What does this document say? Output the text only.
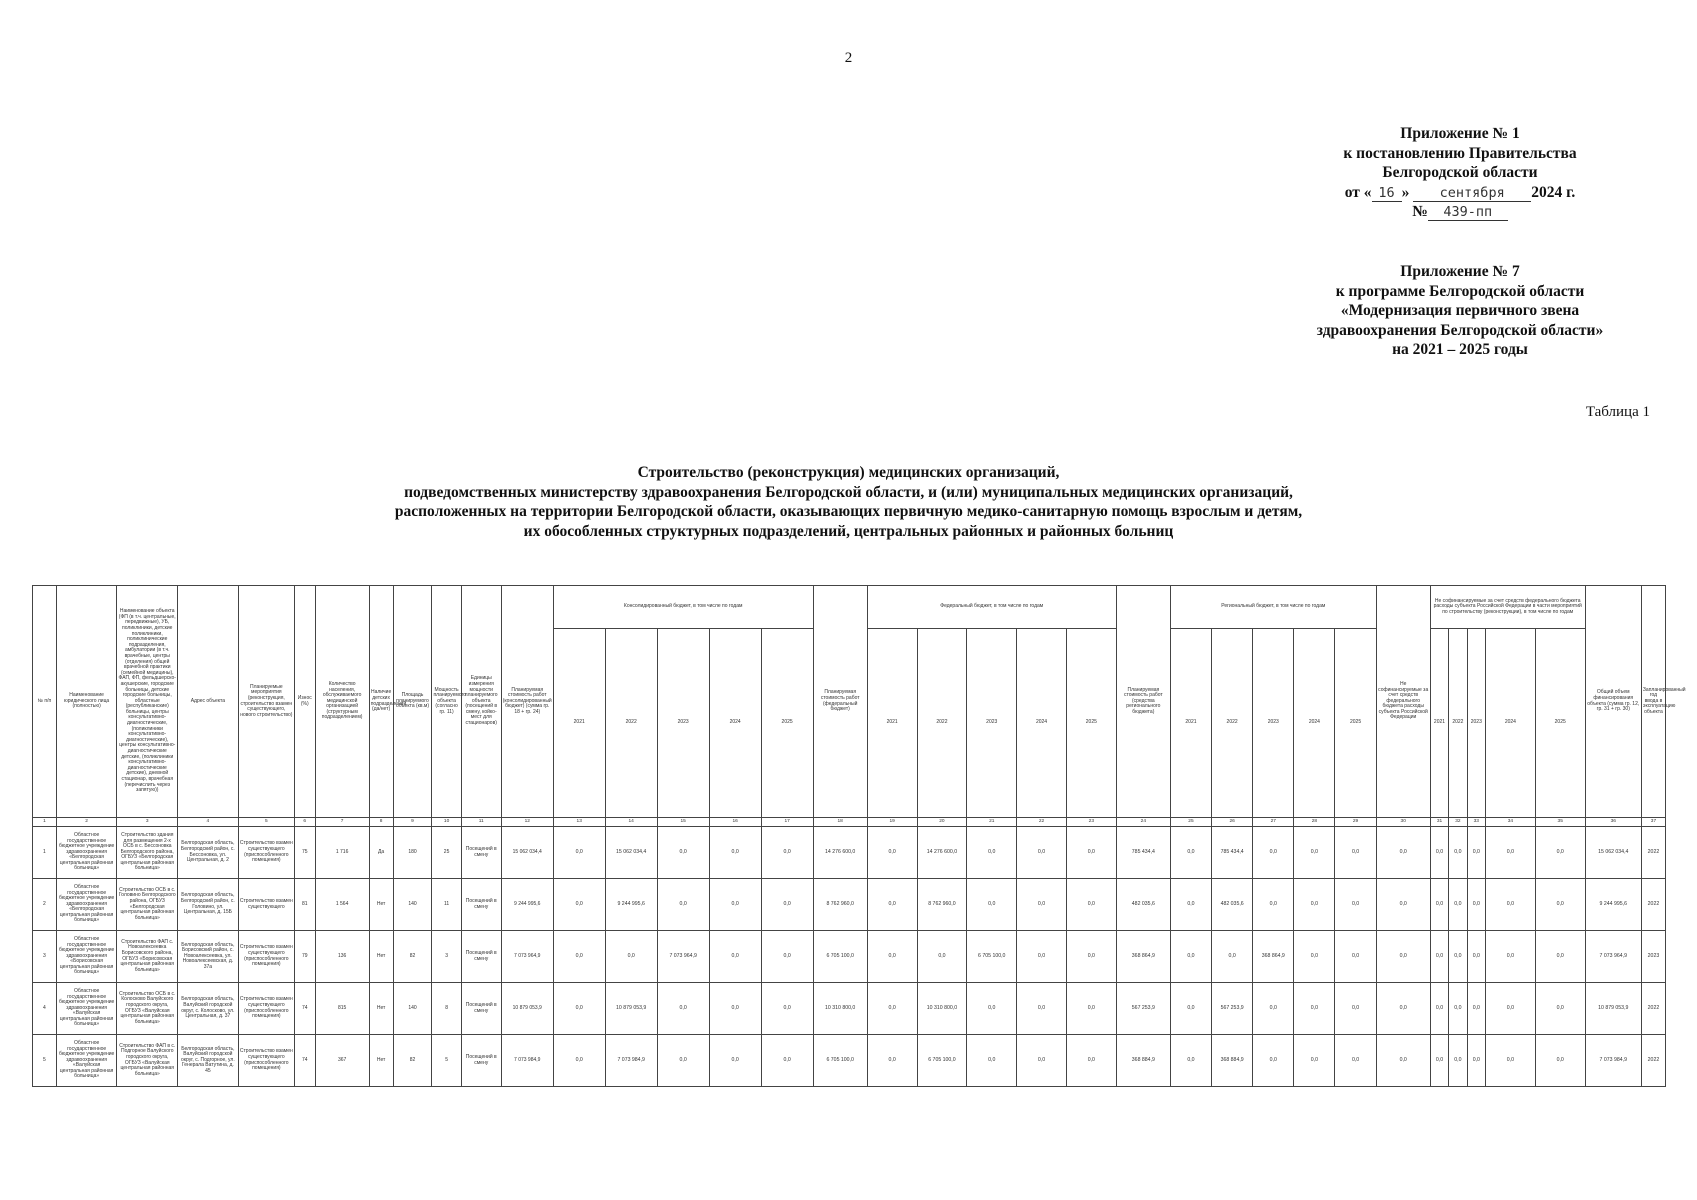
2
Приложение № 1
к постановлению Правительства
Белгородской области
от « 16 » сентября 2024 г.
№ 439-пп
Приложение № 7
к программе Белгородской области
«Модернизация первичного звена
здравоохранения Белгородской области»
на 2021 – 2025 годы
Таблица 1
Строительство (реконструкция) медицинских организаций,
подведомственных министерству здравоохранения Белгородской области, и (или) муниципальных медицинских организаций,
расположенных на территории Белгородской области, оказывающих первичную медико-санитарную помощь взрослым и детям,
их обособленных структурных подразделений, центральных районных и районных больниц
№ п/п	Наименование юридического лица (полностью)	Наименование объекта (ФП (в т.ч. центральные, передвижные), УБ, поликлиники, детские поликлиники, поликлинические подразделения, амбулатории (в т.ч. врачебные, центры (отделения) общей врачебной практики (семейной медицины), ФАП, ФП, фельдшерско-акушерские, городские больницы, детские городские больницы, областные (республиканские) больницы, центры консультативно-диагностические, (поликлиники консультативно-диагностические), центры консультативно-диагностические детские, (поликлиники консультативно-диагностические детские), дневной стационар, врачебная (перечислить через запятую))	Адрес объекта	Планируемые мероприятия (реконструкция, строительство взамен существующего, нового строительство)	Износ (%)	Количество населения, обслуживаемого медицинской организацией (структурным подразделением)	Наличие детских подразделений (да/нет)	Площадь планируемого объекта (кв.м)	Мощность планируемого объекта (согласно гр. 11)	Единицы измерения мощности планируемого объекта (посещений в смену, койко-мест для стационаров)	Планируемая стоимость работ (консолидированный бюджет) (сумма гр. 18 + гр. 24)	Консолидированный бюджет, в том числе по годам					Планируемая стоимость работ (федеральный бюджет)	Федеральный бюджет, в том числе по годам					Планируемая стоимость работ (средства регионального бюджета)	Региональный бюджет, в том числе по годам					Не софинансируемые за счет средств федерального бюджета расходы субъекта Российской Федерации	Не софинансируемые за счет средств федерального бюджета расходы субъекта Российской Федерации в части мероприятий по строительству (реконструкции), в том числе по годам					Общий объем финансирования объекта (сумма гр. 12, гр. 31 + гр. 30)	Запланированный год ввода в эксплуатацию объекта
												2021	2022	2023	2024	2025		2021	2022	2023	2024	2025		2021	2022	2023	2024	2025		2021	2022	2023	2024	2025		
1	2	3	4	5	6	7	8	9	10	11	12	13	14	15	16	17	18	19	20	21	22	23	24	25	26	27	28	29	30	31	32	33	34	35	36	37
1	Областное государственное бюджетное учреждение здравоохранения «Белгородская центральная районная больница»	Строительство здания для размещения 2-х ОСБ в с. Бессоновка Белгородского района, ОГБУЗ «Белгородская центральная районная больница»	Белгородская область, Белгородский район, с. Бессоновка, ул. Центральная, д. 2	Строительство взамен существующего (приспособленного помещения)	75	1 716	Да	180	25	Посещений в смену	15 062 034,4	0,0	15 062 034,4	0,0	0,0	0,0	14 276 600,0	0,0	14 276 600,0	0,0	0,0	0,0	785 434,4	0,0	785 434,4	0,0	0,0	0,0	0,0	0,0	0,0	0,0	0,0	0,0	15 062 034,4	2022
2	Областное государственное бюджетное учреждение здравоохранения «Белгородская центральная районная больница»	Строительство ОСБ в с. Головино Белгородского района, ОГБУЗ «Белгородская центральная районная больница»	Белгородская область, Белгородский район, с. Головино, ул. Центральная, д. 15Б	Строительство взамен существующего	81	1 564	Нет	140	11	Посещений в смену	9 244 995,6	0,0	9 244 995,6	0,0	0,0	0,0	8 762 960,0	0,0	8 762 960,0	0,0	0,0	0,0	482 035,6	0,0	482 035,6	0,0	0,0	0,0	0,0	0,0	0,0	0,0	0,0	0,0	9 244 995,6	2022
3	Областное государственное бюджетное учреждение здравоохранения «Борисовская центральная районная больница»	Строительство ФАП с. Новоалексеевка Борисовского района, ОГБУЗ «Борисовская центральная районная больница»	Белгородская область, Борисовский район, с. Новоалексеевка, ул. Новоалексеевская, д. 37а	Строительство взамен существующего (приспособленного помещения)	79	136	Нет	82	3	Посещений в смену	7 073 964,9	0,0	0,0	7 073 964,9	0,0	0,0	6 705 100,0	0,0	0,0	6 705 100,0	0,0	0,0	368 864,9	0,0	0,0	368 864,9	0,0	0,0	0,0	0,0	0,0	0,0	0,0	0,0	7 073 964,9	2023
4	Областное государственное бюджетное учреждение здравоохранения «Валуйская центральная районная больница»	Строительство ОСБ в с. Колосково Валуйского городского округа, ОГБУЗ «Валуйская центральная районная больница»	Белгородская область, Валуйский городской округ, с. Колосково, ул. Центральная, д. 37	Строительство взамен существующего (приспособленного помещения)	74	815	Нет	140	8	Посещений в смену	10 879 053,9	0,0	10 879 053,9	0,0	0,0	0,0	10 310 800,0	0,0	10 310 800,0	0,0	0,0	0,0	567 253,9	0,0	567 253,9	0,0	0,0	0,0	0,0	0,0	0,0	0,0	0,0	0,0	10 879 053,9	2022
5	Областное государственное бюджетное учреждение здравоохранения «Валуйская центральная районная больница»	Строительство ФАП в с. Подгорное Валуйского городского округа, ОГБУЗ «Валуйская центральная районная больница»	Белгородская область, Валуйский городской округ, с. Подгорное, ул. Генерала Ватутина, д. 45	Строительство взамен существующего (приспособленного помещения)	74	367	Нет	82	5	Посещений в смену	7 073 984,9	0,0	7 073 984,9	0,0	0,0	0,0	6 705 100,0	0,0	6 705 100,0	0,0	0,0	0,0	368 884,9	0,0	368 884,9	0,0	0,0	0,0	0,0	0,0	0,0	0,0	0,0	0,0	7 073 984,9	2022
